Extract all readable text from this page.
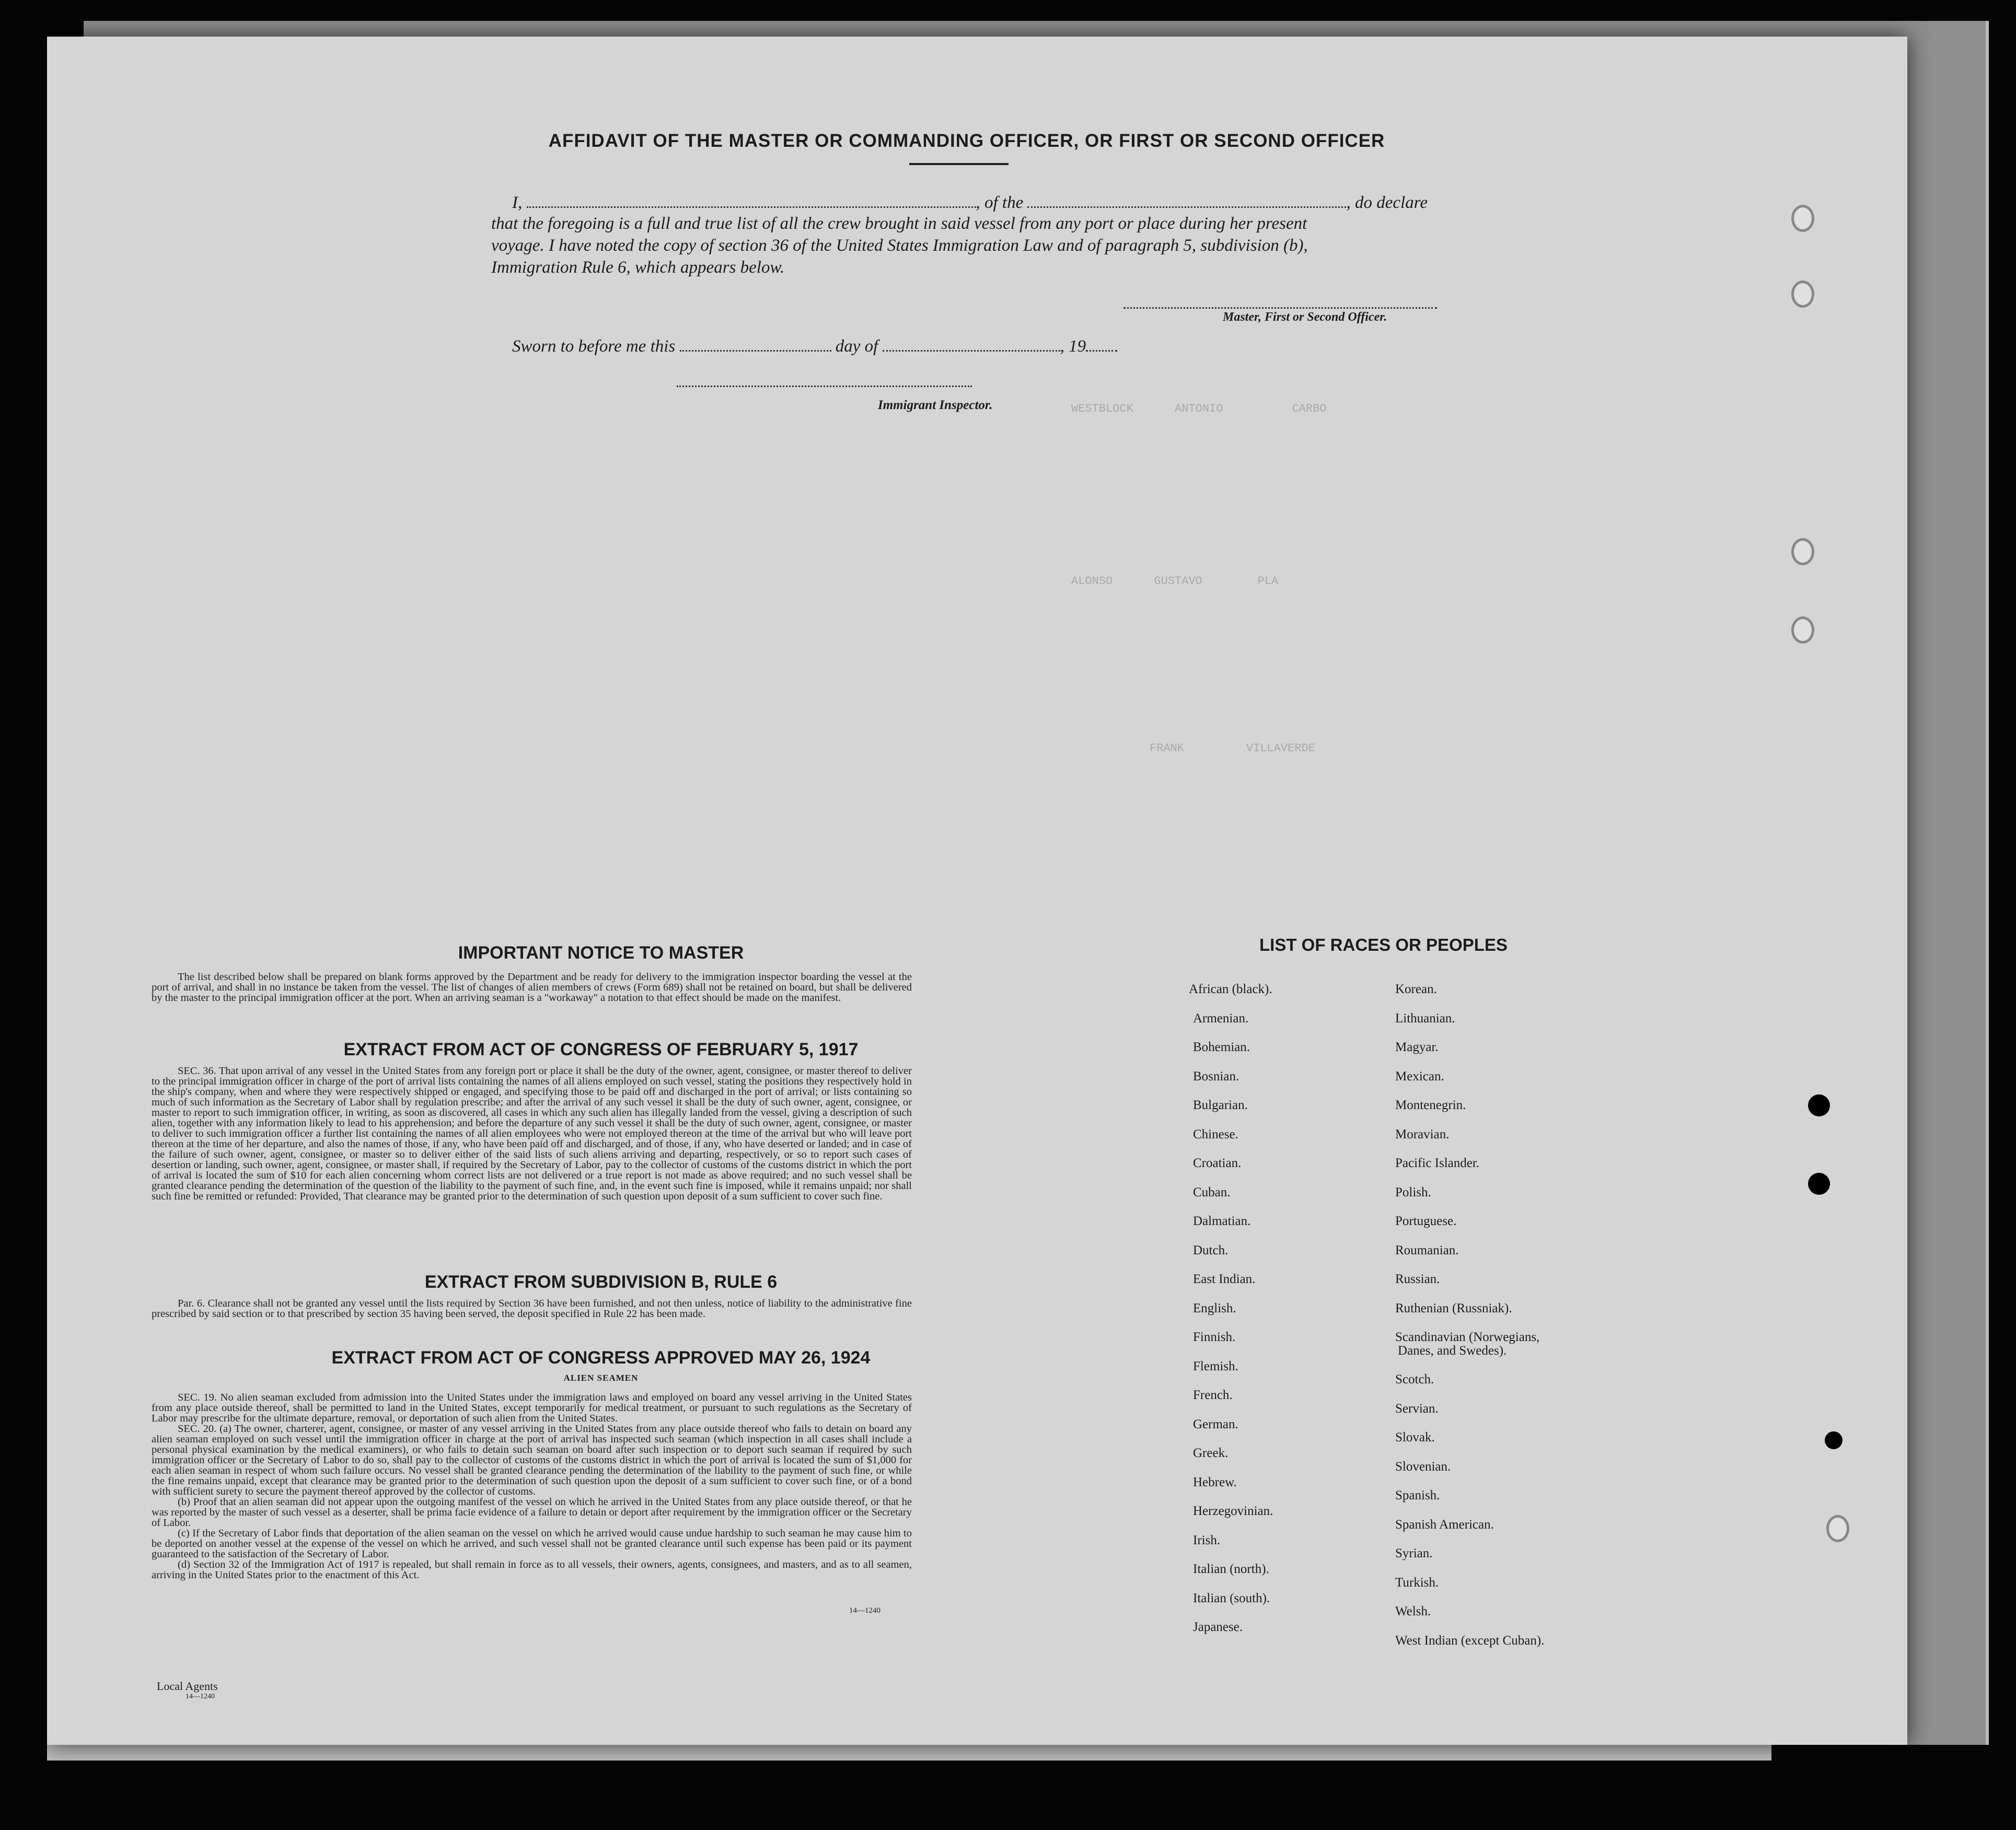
WESTBLOCK      ANTONIO          CARBO
ALONSO      GUSTAVO        PLA
FRANK         VILLAVERDE
AFFIDAVIT OF THE MASTER OR COMMANDING OFFICER, OR FIRST OR SECOND OFFICER
I,	, of the	, do declare
that the foregoing is a full and true list of all the crew brought in said vessel from any port or place during her present
voyage. I have noted the copy of section 36 of the United States Immigration Law and of paragraph 5, subdivision (b),
Immigration Rule 6, which appears below.
Master, First or Second Officer.
Sworn to before me this	day of	, 19
Immigrant Inspector.
IMPORTANT NOTICE TO MASTER

The list described below shall be prepared on blank forms approved by the Department and be ready for delivery to the immigration inspector boarding the vessel at the port of arrival, and shall in no instance be taken from the vessel. The list of changes of alien members of crews (Form 689) shall not be retained on board, but shall be delivered by the master to the principal immigration officer at the port. When an arriving seaman is a "workaway" a notation to that effect should be made on the manifest.

EXTRACT FROM ACT OF CONGRESS OF FEBRUARY 5, 1917

SEC. 36. That upon arrival of any vessel in the United States from any foreign port or place it shall be the duty of the owner, agent, consignee, or master thereof to deliver to the principal immigration officer in charge of the port of arrival lists containing the names of all aliens employed on such vessel, stating the positions they respectively hold in the ship's company, when and where they were respectively shipped or engaged, and specifying those to be paid off and discharged in the port of arrival; or lists containing so much of such information as the Secretary of Labor shall by regulation prescribe; and after the arrival of any such vessel it shall be the duty of such owner, agent, consignee, or master to report to such immigration officer, in writing, as soon as discovered, all cases in which any such alien has illegally landed from the vessel, giving a description of such alien, together with any information likely to lead to his apprehension; and before the departure of any such vessel it shall be the duty of such owner, agent, consignee, or master to deliver to such immigration officer a further list containing the names of all alien employees who were not employed thereon at the time of the arrival but who will leave port thereon at the time of her departure, and also the names of those, if any, who have been paid off and discharged, and of those, if any, who have deserted or landed; and in case of the failure of such owner, agent, consignee, or master so to deliver either of the said lists of such aliens arriving and departing, respectively, or so to report such cases of desertion or landing, such owner, agent, consignee, or master shall, if required by the Secretary of Labor, pay to the collector of customs of the customs district in which the port of arrival is located the sum of $10 for each alien concerning whom correct lists are not delivered or a true report is not made as above required; and no such vessel shall be granted clearance pending the determination of the question of the liability to the payment of such fine, and, in the event such fine is imposed, while it remains unpaid; nor shall such fine be remitted or refunded: Provided, That clearance may be granted prior to the determination of such question upon deposit of a sum sufficient to cover such fine.

EXTRACT FROM SUBDIVISION B, RULE 6

Par. 6. Clearance shall not be granted any vessel until the lists required by Section 36 have been furnished, and not then unless, notice of liability to the administrative fine prescribed by said section or to that prescribed by section 35 having been served, the deposit specified in Rule 22 has been made.

EXTRACT FROM ACT OF CONGRESS APPROVED MAY 26, 1924
ALIEN SEAMEN

SEC. 19. No alien seaman excluded from admission into the United States under the immigration laws and employed on board any vessel arriving in the United States from any place outside thereof, shall be permitted to land in the United States, except temporarily for medical treatment, or pursuant to such regulations as the Secretary of Labor may prescribe for the ultimate departure, removal, or deportation of such alien from the United States.

SEC. 20. (a) The owner, charterer, agent, consignee, or master of any vessel arriving in the United States from any place outside thereof who fails to detain on board any alien seaman employed on such vessel until the immigration officer in charge at the port of arrival has inspected such seaman (which inspection in all cases shall include a personal physical examination by the medical examiners), or who fails to detain such seaman on board after such inspection or to deport such seaman if required by such immigration officer or the Secretary of Labor to do so, shall pay to the collector of customs of the customs district in which the port of arrival is located the sum of $1,000 for each alien seaman in respect of whom such failure occurs. No vessel shall be granted clearance pending the determination of the liability to the payment of such fine, or while the fine remains unpaid, except that clearance may be granted prior to the determination of such question upon the deposit of a sum sufficient to cover such fine, or of a bond with sufficient surety to secure the payment thereof approved by the collector of customs.

(b) Proof that an alien seaman did not appear upon the outgoing manifest of the vessel on which he arrived in the United States from any place outside thereof, or that he was reported by the master of such vessel as a deserter, shall be prima facie evidence of a failure to detain or deport after requirement by the immigration officer or the Secretary of Labor.

(c) If the Secretary of Labor finds that deportation of the alien seaman on the vessel on which he arrived would cause undue hardship to such seaman he may cause him to be deported on another vessel at the expense of the vessel on which he arrived, and such vessel shall not be granted clearance until such expense has been paid or its payment guaranteed to the satisfaction of the Secretary of Labor.

(d) Section 32 of the Immigration Act of 1917 is repealed, but shall remain in force as to all vessels, their owners, agents, consignees, and masters, and as to all seamen, arriving in the United States prior to the enactment of this Act.

14—1240
Local Agents
14—1240
LIST OF RACES OR PEOPLES
African (black).
Armenian.
Bohemian.
Bosnian.
Bulgarian.
Chinese.
Croatian.
Cuban.
Dalmatian.
Dutch.
East Indian.
English.
Finnish.
Flemish.
French.
German.
Greek.
Hebrew.
Herzegovinian.
Irish.
Italian (north).
Italian (south).
Japanese.
Korean.
Lithuanian.
Magyar.
Mexican.
Montenegrin.
Moravian.
Pacific Islander.
Polish.
Portuguese.
Roumanian.
Russian.
Ruthenian (Russniak).
Scandinavian (Norwegians,
Danes, and Swedes).
Scotch.
Servian.
Slovak.
Slovenian.
Spanish.
Spanish American.
Syrian.
Turkish.
Welsh.
West Indian (except Cuban).
